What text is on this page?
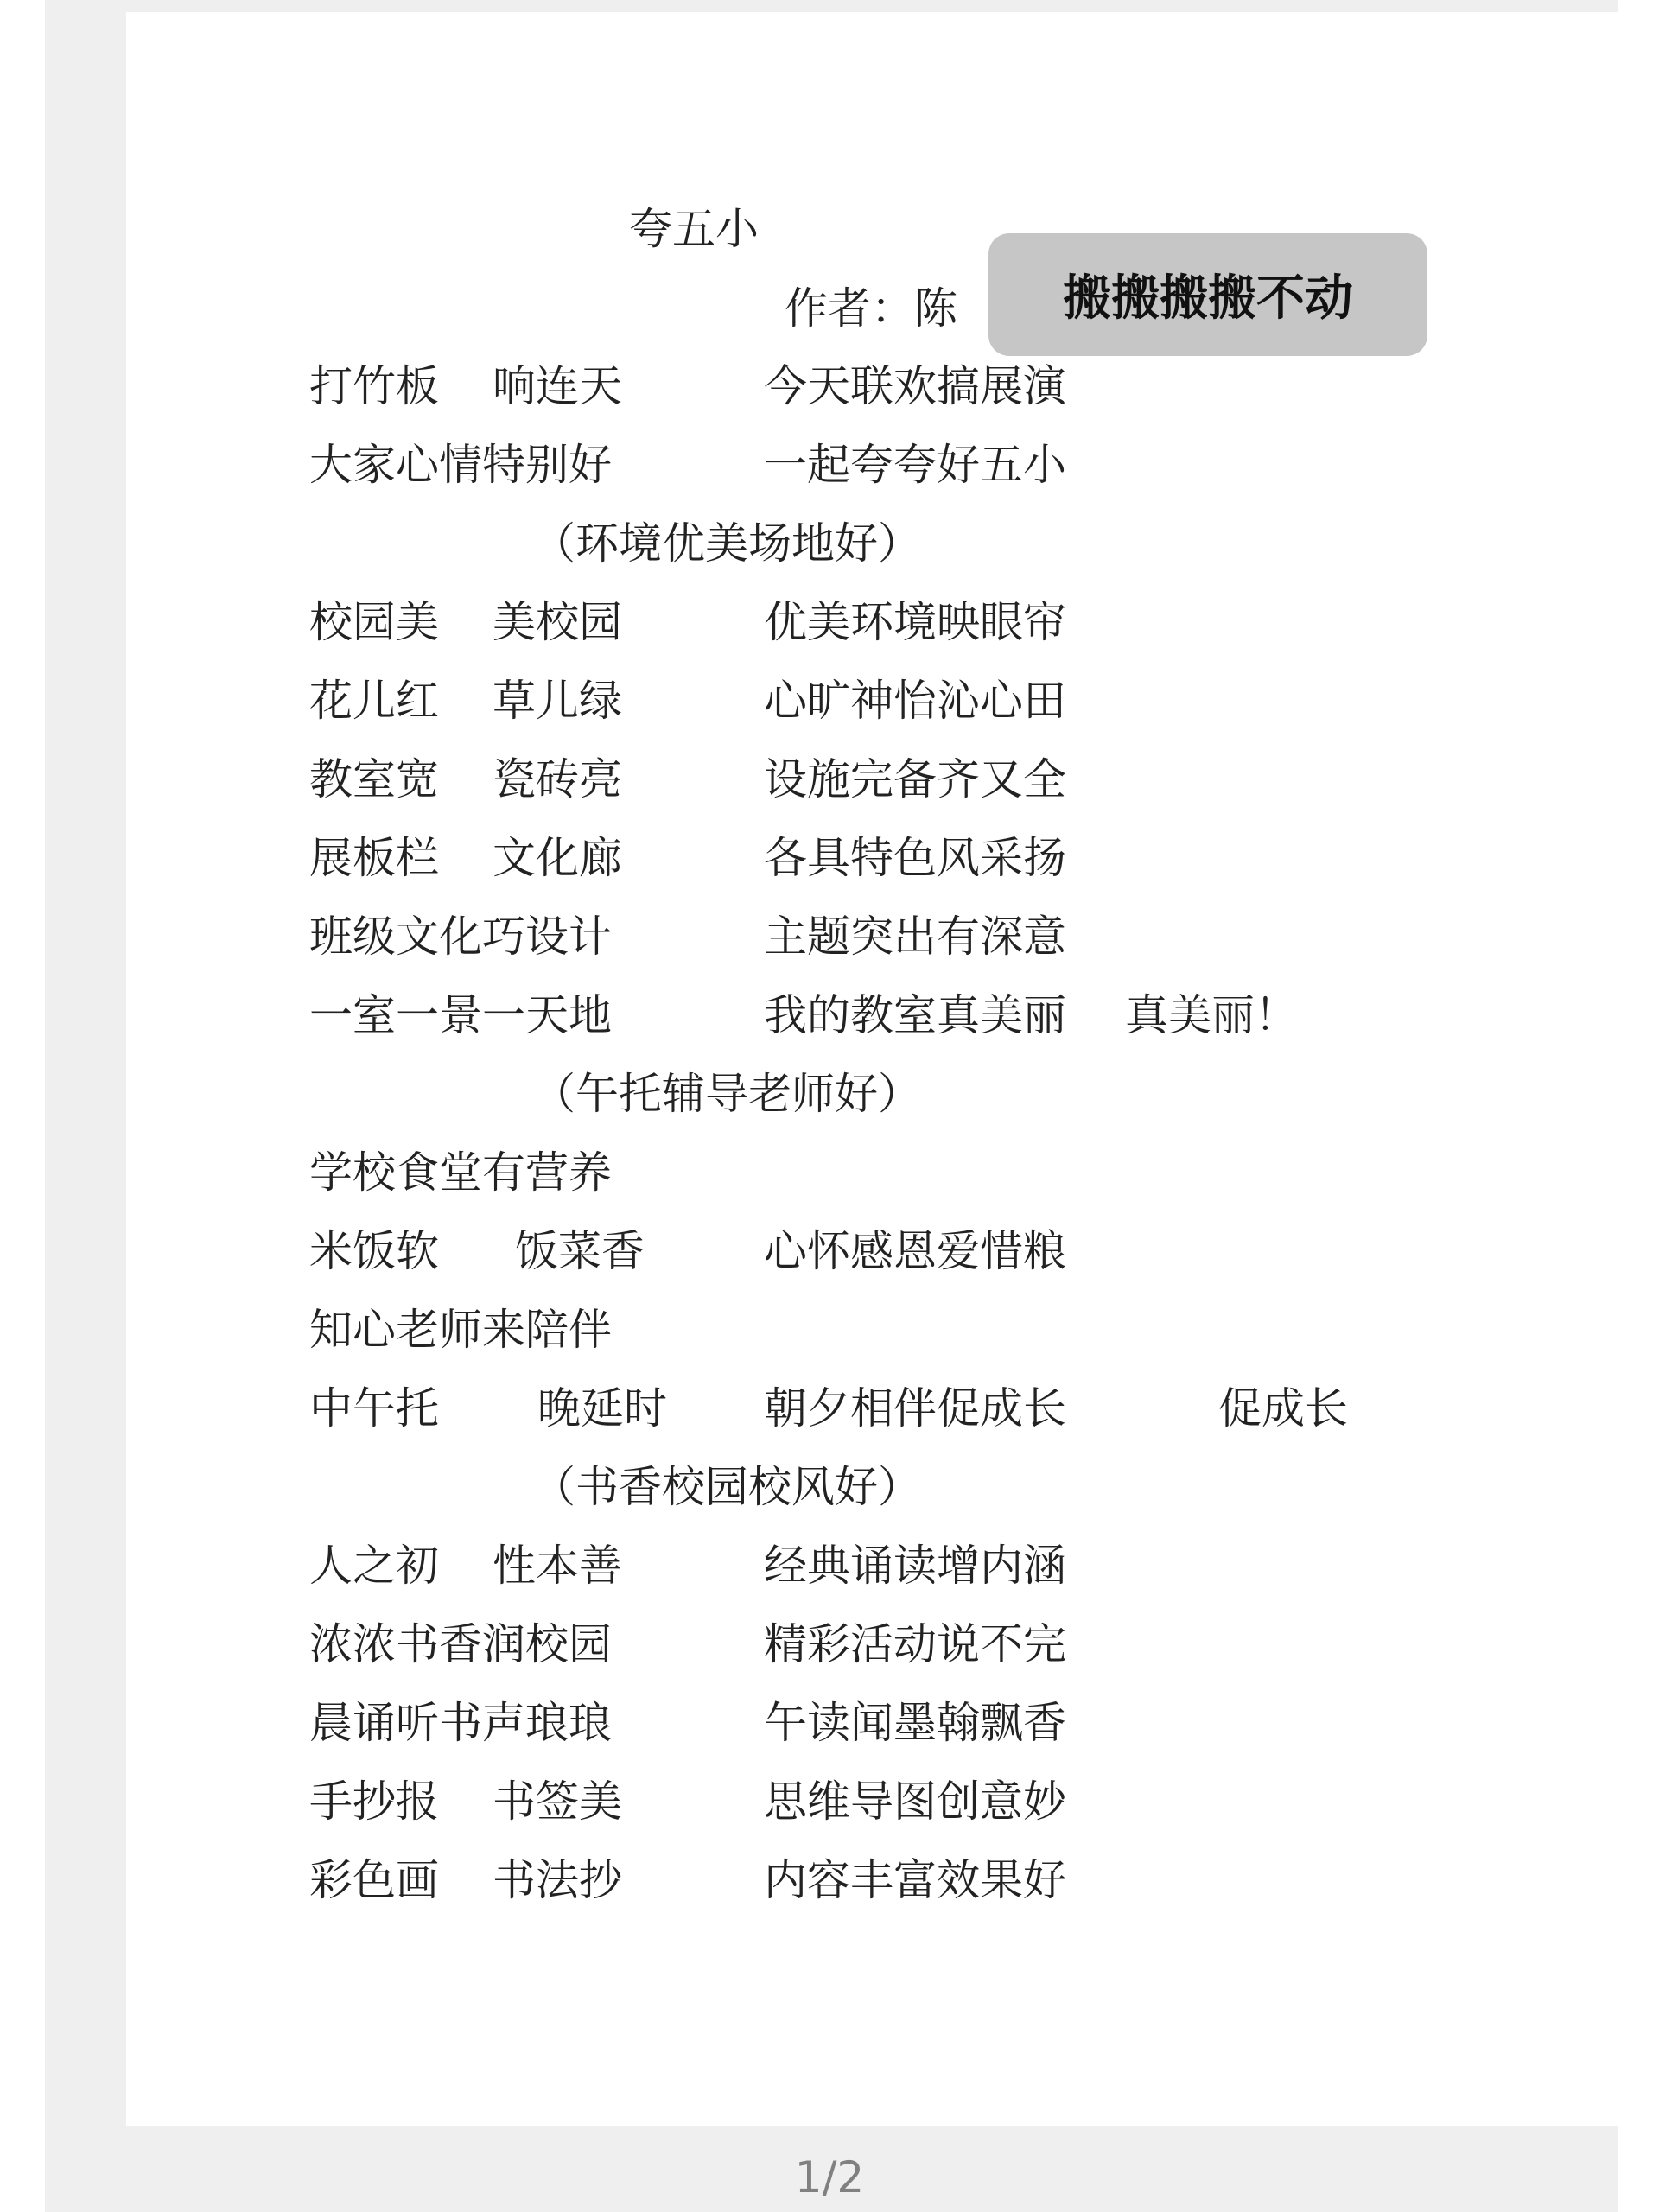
夸五小
作者：陈
打竹板 响连天	今天联欢搞展演
大家心情特别好	一起夸夸好五小
（环境优美场地好）
校园美 美校园	优美环境映眼帘
花儿红 草儿绿	心旷神怡沁心田
教室宽 瓷砖亮	设施完备齐又全
展板栏 文化廊	各具特色风采扬
班级文化巧设计	主题突出有深意
一室一景一天地	我的教室真美丽 真美丽！
（午托辅导老师好）
学校食堂有营养
米饭软 饭菜香	心怀感恩爱惜粮
知心老师来陪伴
中午托 晚延时 朝夕相伴促成长	促成长
（书香校园校风好）
人之初 性本善	经典诵读增内涵
浓浓书香润校园	精彩活动说不完
晨诵听书声琅琅	午读闻墨翰飘香
手抄报 书签美	思维导图创意妙
彩色画 书法抄	内容丰富效果好
搬搬搬搬不动
1/2
